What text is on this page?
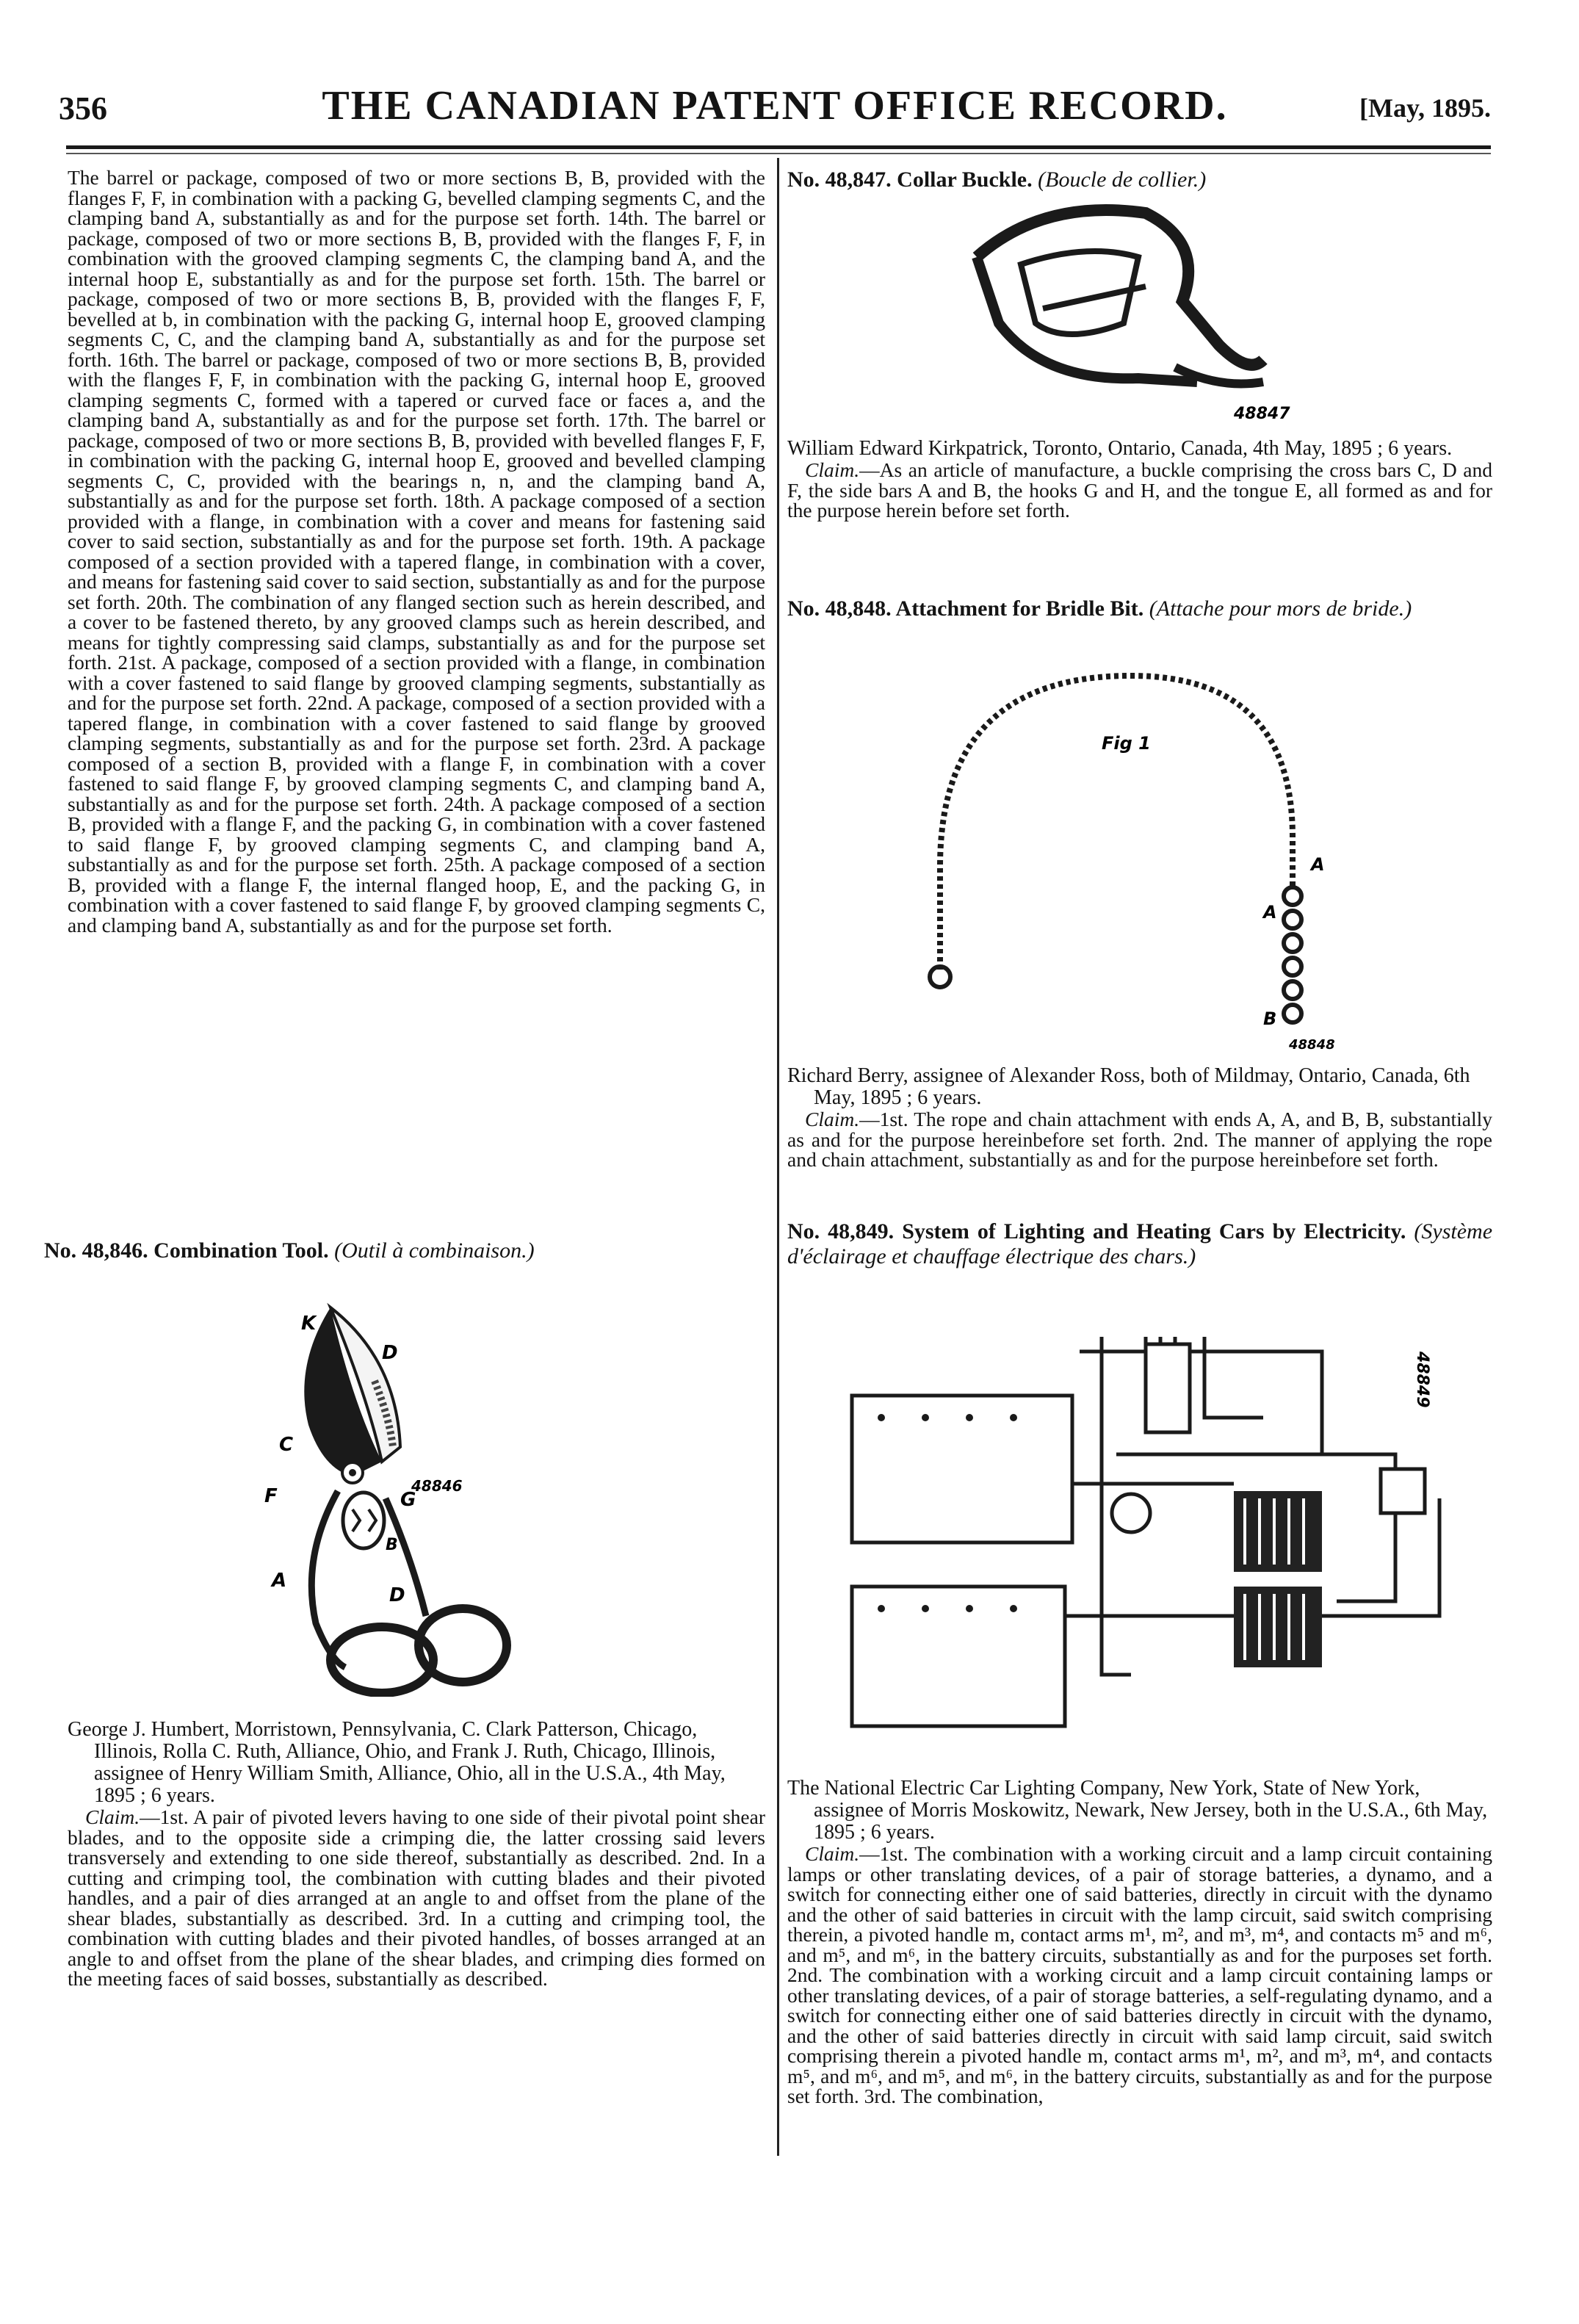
356	THE CANADIAN PATENT OFFICE RECORD.	[May, 1895.

The barrel or package, composed of two or more sections B, B, provided with the flanges F, F, in combination with a packing G, bevelled clamping segments C, and the clamping band A, substantially as and for the purpose set forth. 14th. The barrel or package, composed of two or more sections B, B, provided with the flanges F, F, in combination with the grooved clamping segments C, the clamping band A, and the internal hoop E, substantially as and for the purpose set forth. 15th. The barrel or package, composed of two or more sections B, B, provided with the flanges F, F, bevelled at b, in combination with the packing G, internal hoop E, grooved clamping segments C, C, and the clamping band A, substantially as and for the purpose set forth. 16th. The barrel or package, composed of two or more sections B, B, provided with the flanges F, F, in combination with the packing G, internal hoop E, grooved clamping segments C, formed with a tapered or curved face or faces a, and the clamping band A, substantially as and for the purpose set forth. 17th. The barrel or package, composed of two or more sections B, B, provided with bevelled flanges F, F, in combination with the packing G, internal hoop E, grooved and bevelled clamping segments C, C, provided with the bearings n, n, and the clamping band A, substantially as and for the purpose set forth. 18th. A package composed of a section provided with a flange, in combination with a cover and means for fastening said cover to said section, substantially as and for the purpose set forth. 19th. A package composed of a section provided with a tapered flange, in combination with a cover, and means for fastening said cover to said section, substantially as and for the purpose set forth. 20th. The combination of any flanged section such as herein described, and a cover to be fastened thereto, by any grooved clamps such as herein described, and means for tightly compressing said clamps, substantially as and for the purpose set forth. 21st. A package, composed of a section provided with a flange, in combination with a cover fastened to said flange by grooved clamping segments, substantially as and for the purpose set forth. 22nd. A package, composed of a section provided with a tapered flange, in combination with a cover fastened to said flange by grooved clamping segments, substantially as and for the purpose set forth. 23rd. A package composed of a section B, provided with a flange F, in combination with a cover fastened to said flange F, by grooved clamping segments C, and clamping band A, substantially as and for the purpose set forth. 24th. A package composed of a section B, provided with a flange F, and the packing G, in combination with a cover fastened to said flange F, by grooved clamping segments C, and clamping band A, substantially as and for the purpose set forth. 25th. A package composed of a section B, provided with a flange F, the internal flanged hoop, E, and the packing G, in combination with a cover fastened to said flange F, by grooved clamping segments C, and clamping band A, substantially as and for the purpose set forth.

No. 48,846. Combination Tool. (Outil à combinaison.)

K
D
C
F	G
48846
B
A
D

George J. Humbert, Morristown, Pennsylvania, C. Clark Patterson, Chicago, Illinois, Rolla C. Ruth, Alliance, Ohio, and Frank J. Ruth, Chicago, Illinois, assignee of Henry William Smith, Alliance, Ohio, all in the U.S.A., 4th May, 1895 ; 6 years.

Claim.—1st. A pair of pivoted levers having to one side of their pivotal point shear blades, and to the opposite side a crimping die, the latter crossing said levers transversely and extending to one side thereof, substantially as described. 2nd. In a cutting and crimping tool, the combination with cutting blades and their pivoted handles, and a pair of dies arranged at an angle to and offset from the plane of the shear blades, substantially as described. 3rd. In a cutting and crimping tool, the combination with cutting blades and their pivoted handles, of bosses arranged at an angle to and offset from the plane of the shear blades, and crimping dies formed on the meeting faces of said bosses, substantially as described.

No. 48,847. Collar Buckle. (Boucle de collier.)

48847

William Edward Kirkpatrick, Toronto, Ontario, Canada, 4th May, 1895 ; 6 years.

Claim.—As an article of manufacture, a buckle comprising the cross bars C, D and F, the side bars A and B, the hooks G and H, and the tongue E, all formed as and for the purpose herein before set forth.

No. 48,848. Attachment for Bridle Bit. (Attache pour mors de bride.)

Fig 1
A
A
B
48848

Richard Berry, assignee of Alexander Ross, both of Mildmay, Ontario, Canada, 6th May, 1895 ; 6 years.

Claim.—1st. The rope and chain attachment with ends A, A, and B, B, substantially as and for the purpose hereinbefore set forth. 2nd. The manner of applying the rope and chain attachment, substantially as and for the purpose hereinbefore set forth.

No. 48,849. System of Lighting and Heating Cars by Electricity. (Système d'éclairage et chauffage électrique des chars.)

48849

The National Electric Car Lighting Company, New York, State of New York, assignee of Morris Moskowitz, Newark, New Jersey, both in the U.S.A., 6th May, 1895 ; 6 years.

Claim.—1st. The combination with a working circuit and a lamp circuit containing lamps or other translating devices, of a pair of storage batteries, a dynamo, and a switch for connecting either one of said batteries, directly in circuit with the dynamo and the other of said batteries in circuit with the lamp circuit, said switch comprising therein, a pivoted handle m, contact arms m¹, m², and m³, m⁴, and contacts m⁵ and m⁶, and m⁵, and m⁶, in the battery circuits, substantially as and for the purposes set forth. 2nd. The combination with a working circuit and a lamp circuit containing lamps or other translating devices, of a pair of storage batteries, a self-regulating dynamo, and a switch for connecting either one of said batteries directly in circuit with the dynamo, and the other of said batteries directly in circuit with said lamp circuit, said switch comprising therein a pivoted handle m, contact arms m¹, m², and m³, m⁴, and contacts m⁵, and m⁶, and m⁵, and m⁶, in the battery circuits, substantially as and for the purpose set forth. 3rd. The combination,
